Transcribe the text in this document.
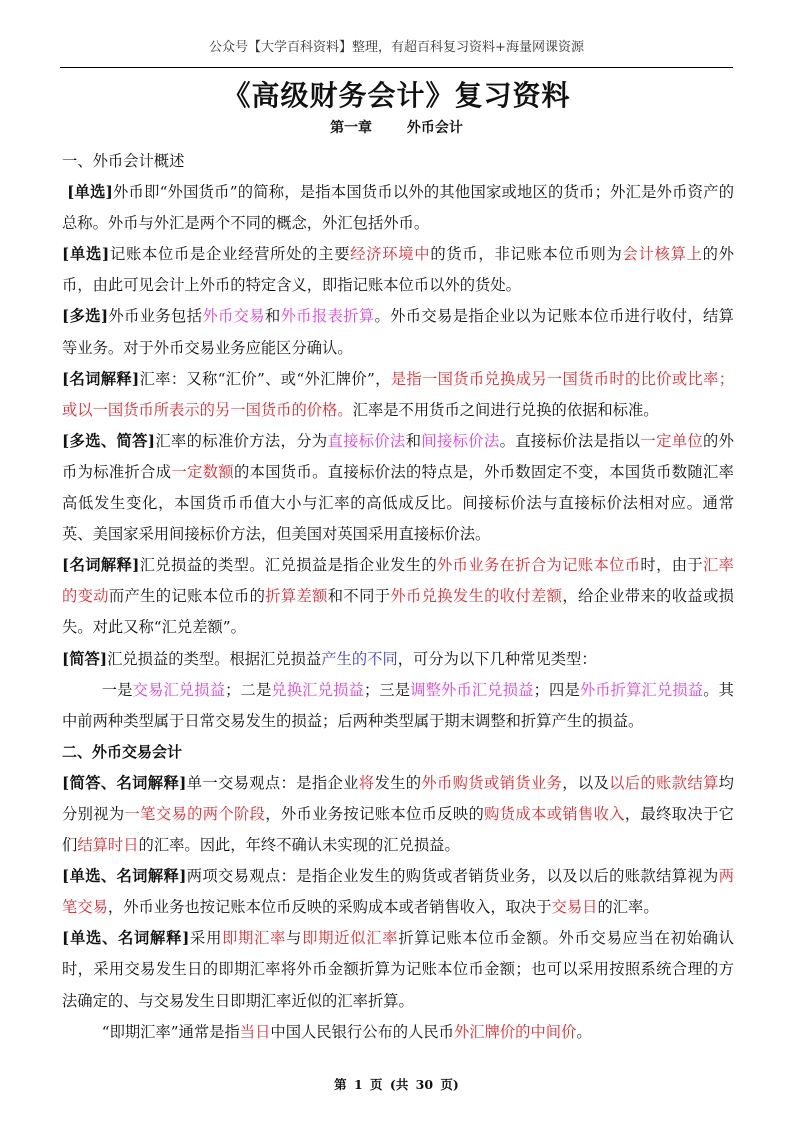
公众号【大学百科资料】整理，有超百科复习资料+海量网课资源
《高级财务会计》复习资料
第一章 外币会计

一、外币会计概述

[单选]外币即“外国货币”的简称，是指本国货币以外的其他国家或地区的货币；外汇是外币资产的总称。外币与外汇是两个不同的概念，外汇包括外币。

[单选]记账本位币是企业经营所处的主要经济环境中的货币，非记账本位币则为会计核算上的外币，由此可见会计上外币的特定含义，即指记账本位币以外的货处。

[多选]外币业务包括外币交易和外币报表折算。外币交易是指企业以为记账本位币进行收付，结算等业务。对于外币交易业务应能区分确认。

[名词解释]汇率：又称“汇价”、或“外汇牌价”，是指一国货币兑换成另一国货币时的比价或比率；或以一国货币所表示的另一国货币的价格。汇率是不用货币之间进行兑换的依据和标准。

[多选、简答]汇率的标准价方法，分为直接标价法和间接标价法。直接标价法是指以一定单位的外币为标准折合成一定数额的本国货币。直接标价法的特点是，外币数固定不变，本国货币数随汇率高低发生变化，本国货币币值大小与汇率的高低成反比。间接标价法与直接标价法相对应。通常英、美国家采用间接标价方法，但美国对英国采用直接标价法。

[名词解释]汇兑损益的类型。汇兑损益是指企业发生的外币业务在折合为记账本位币时，由于汇率的变动而产生的记账本位币的折算差额和不同于外币兑换发生的收付差额，给企业带来的收益或损失。对此又称“汇兑差额”。

[简答]汇兑损益的类型。根据汇兑损益产生的不同，可分为以下几种常见类型：

一是交易汇兑损益；二是兑换汇兑损益；三是调整外币汇兑损益；四是外币折算汇兑损益。其中前两种类型属于日常交易发生的损益；后两种类型属于期末调整和折算产生的损益。

二、外币交易会计

[简答、名词解释]单一交易观点：是指企业将发生的外币购货或销货业务，以及以后的账款结算均分别视为一笔交易的两个阶段，外币业务按记账本位币反映的购货成本或销售收入，最终取决于它们结算时日的汇率。因此，年终不确认未实现的汇兑损益。

[单选、名词解释]两项交易观点：是指企业发生的购货或者销货业务，以及以后的账款结算视为两笔交易，外币业务也按记账本位币反映的采购成本或者销售收入，取决于交易日的汇率。

[单选、名词解释]采用即期汇率与即期近似汇率折算记账本位币金额。外币交易应当在初始确认时，采用交易发生日的即期汇率将外币金额折算为记账本位币金额；也可以采用按照系统合理的方法确定的、与交易发生日即期汇率近似的汇率折算。

“即期汇率”通常是指当日中国人民银行公布的人民币外汇牌价的中间价。

第 1 页 (共 30 页)
